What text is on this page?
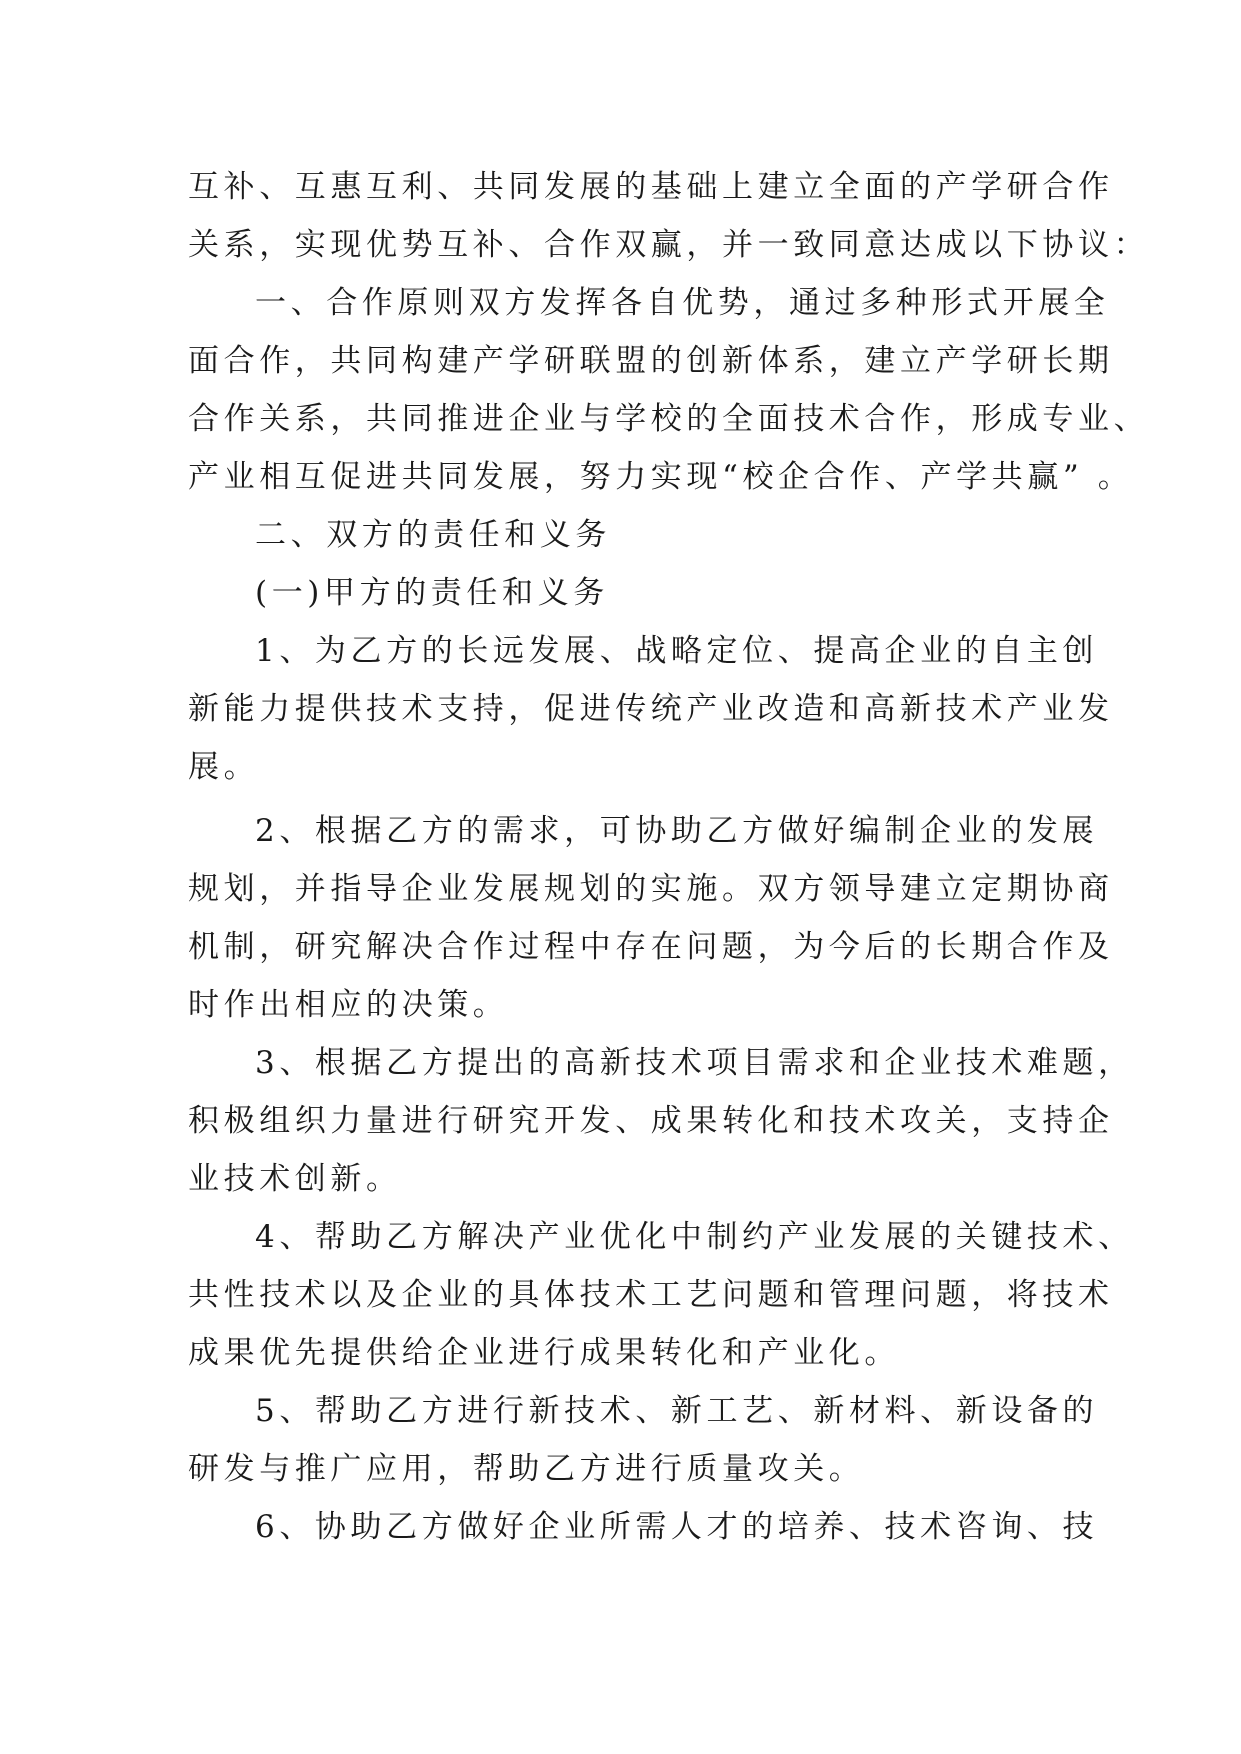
互补、互惠互利、共同发展的基础上建立全面的产学研合作
关系，实现优势互补、合作双赢，并一致同意达成以下协议：
一、合作原则双方发挥各自优势，通过多种形式开展全
面合作，共同构建产学研联盟的创新体系，建立产学研长期
合作关系，共同推进企业与学校的全面技术合作，形成专业、
产业相互促进共同发展，努力实现“校企合作、产学共赢” 。
二、双方的责任和义务
(一)甲方的责任和义务
1、为乙方的长远发展、战略定位、提高企业的自主创
新能力提供技术支持，促进传统产业改造和高新技术产业发
展。
2、根据乙方的需求，可协助乙方做好编制企业的发展
规划，并指导企业发展规划的实施。双方领导建立定期协商
机制，研究解决合作过程中存在问题，为今后的长期合作及
时作出相应的决策。
3、根据乙方提出的高新技术项目需求和企业技术难题，
积极组织力量进行研究开发、成果转化和技术攻关，支持企
业技术创新。
4、帮助乙方解决产业优化中制约产业发展的关键技术、
共性技术以及企业的具体技术工艺问题和管理问题，将技术
成果优先提供给企业进行成果转化和产业化。
5、帮助乙方进行新技术、新工艺、新材料、新设备的
研发与推广应用，帮助乙方进行质量攻关。
6、协助乙方做好企业所需人才的培养、技术咨询、技
